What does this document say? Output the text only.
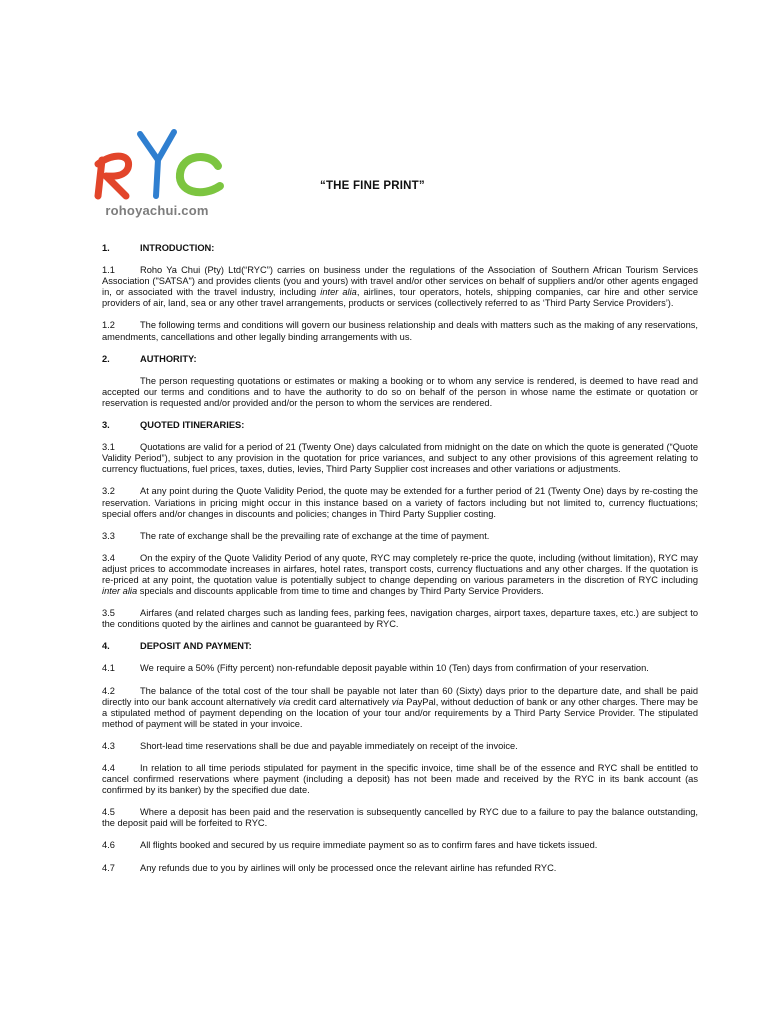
rohoyachui.com
“THE FINE PRINT”
1.	INTRODUCTION:
1.1	Roho Ya Chui (Pty) Ltd(“RYC”) carries on business under the regulations of the Association of Southern African Tourism Services Association ("SATSA") and provides clients (you and yours) with travel and/or other services on behalf of suppliers and/or other agents engaged in, or associated with the travel industry, including inter alia, airlines, tour operators, hotels, shipping companies, car hire and other service providers of air, land, sea or any other travel arrangements, products or services (collectively referred to as ‘Third Party Service Providers’).
1.2	The following terms and conditions will govern our business relationship and deals with matters such as the making of any reservations, amendments, cancellations and other legally binding arrangements with us.
2.	AUTHORITY:
The person requesting quotations or estimates or making a booking or to whom any service is rendered, is deemed to have read and accepted our terms and conditions and to have the authority to do so on behalf of the person in whose name the estimate or quotation or reservation is requested and/or provided and/or the person to whom the services are rendered.
3.	QUOTED ITINERARIES:
3.1	Quotations are valid for a period of 21 (Twenty One) days calculated from midnight on the date on which the quote is generated (“Quote Validity Period”), subject to any provision in the quotation for price variances, and subject to any other provisions of this agreement relating to currency fluctuations, fuel prices, taxes, duties, levies, Third Party Supplier cost increases and other variations or adjustments.
3.2	At any point during the Quote Validity Period, the quote may be extended for a further period of 21 (Twenty One) days by re-costing the reservation. Variations in pricing might occur in this instance based on a variety of factors including but not limited to, currency fluctuations; special offers and/or changes in discounts and policies; changes in Third Party Supplier costing.
3.3	The rate of exchange shall be the prevailing rate of exchange at the time of payment.
3.4	On the expiry of the Quote Validity Period of any quote, RYC may completely re-price the quote, including (without limitation), RYC may adjust prices to accommodate increases in airfares, hotel rates, transport costs, currency fluctuations and any other charges. If the quotation is re-priced at any point, the quotation value is potentially subject to change depending on various parameters in the discretion of RYC including inter alia specials and discounts applicable from time to time and changes by Third Party Service Providers.
3.5	Airfares (and related charges such as landing fees, parking fees, navigation charges, airport taxes, departure taxes, etc.) are subject to the conditions quoted by the airlines and cannot be guaranteed by RYC.
4.	DEPOSIT AND PAYMENT:
4.1	We require a 50% (Fifty percent) non-refundable deposit payable within 10 (Ten) days from confirmation of your reservation.
4.2	The balance of the total cost of the tour shall be payable not later than 60 (Sixty) days prior to the departure date, and shall be paid directly into our bank account alternatively via credit card alternatively via PayPal, without deduction of bank or any other charges. There may be a stipulated method of payment depending on the location of your tour and/or requirements by a Third Party Service Provider. The stipulated method of payment will be stated in your invoice.
4.3	Short-lead time reservations shall be due and payable immediately on receipt of the invoice.
4.4	In relation to all time periods stipulated for payment in the specific invoice, time shall be of the essence and RYC shall be entitled to cancel confirmed reservations where payment (including a deposit) has not been made and received by the RYC in its bank account (as confirmed by its banker) by the specified due date.
4.5	Where a deposit has been paid and the reservation is subsequently cancelled by RYC due to a failure to pay the balance outstanding, the deposit paid will be forfeited to RYC.
4.6	All flights booked and secured by us require immediate payment so as to confirm fares and have tickets issued.
4.7	Any refunds due to you by airlines will only be processed once the relevant airline has refunded RYC.
